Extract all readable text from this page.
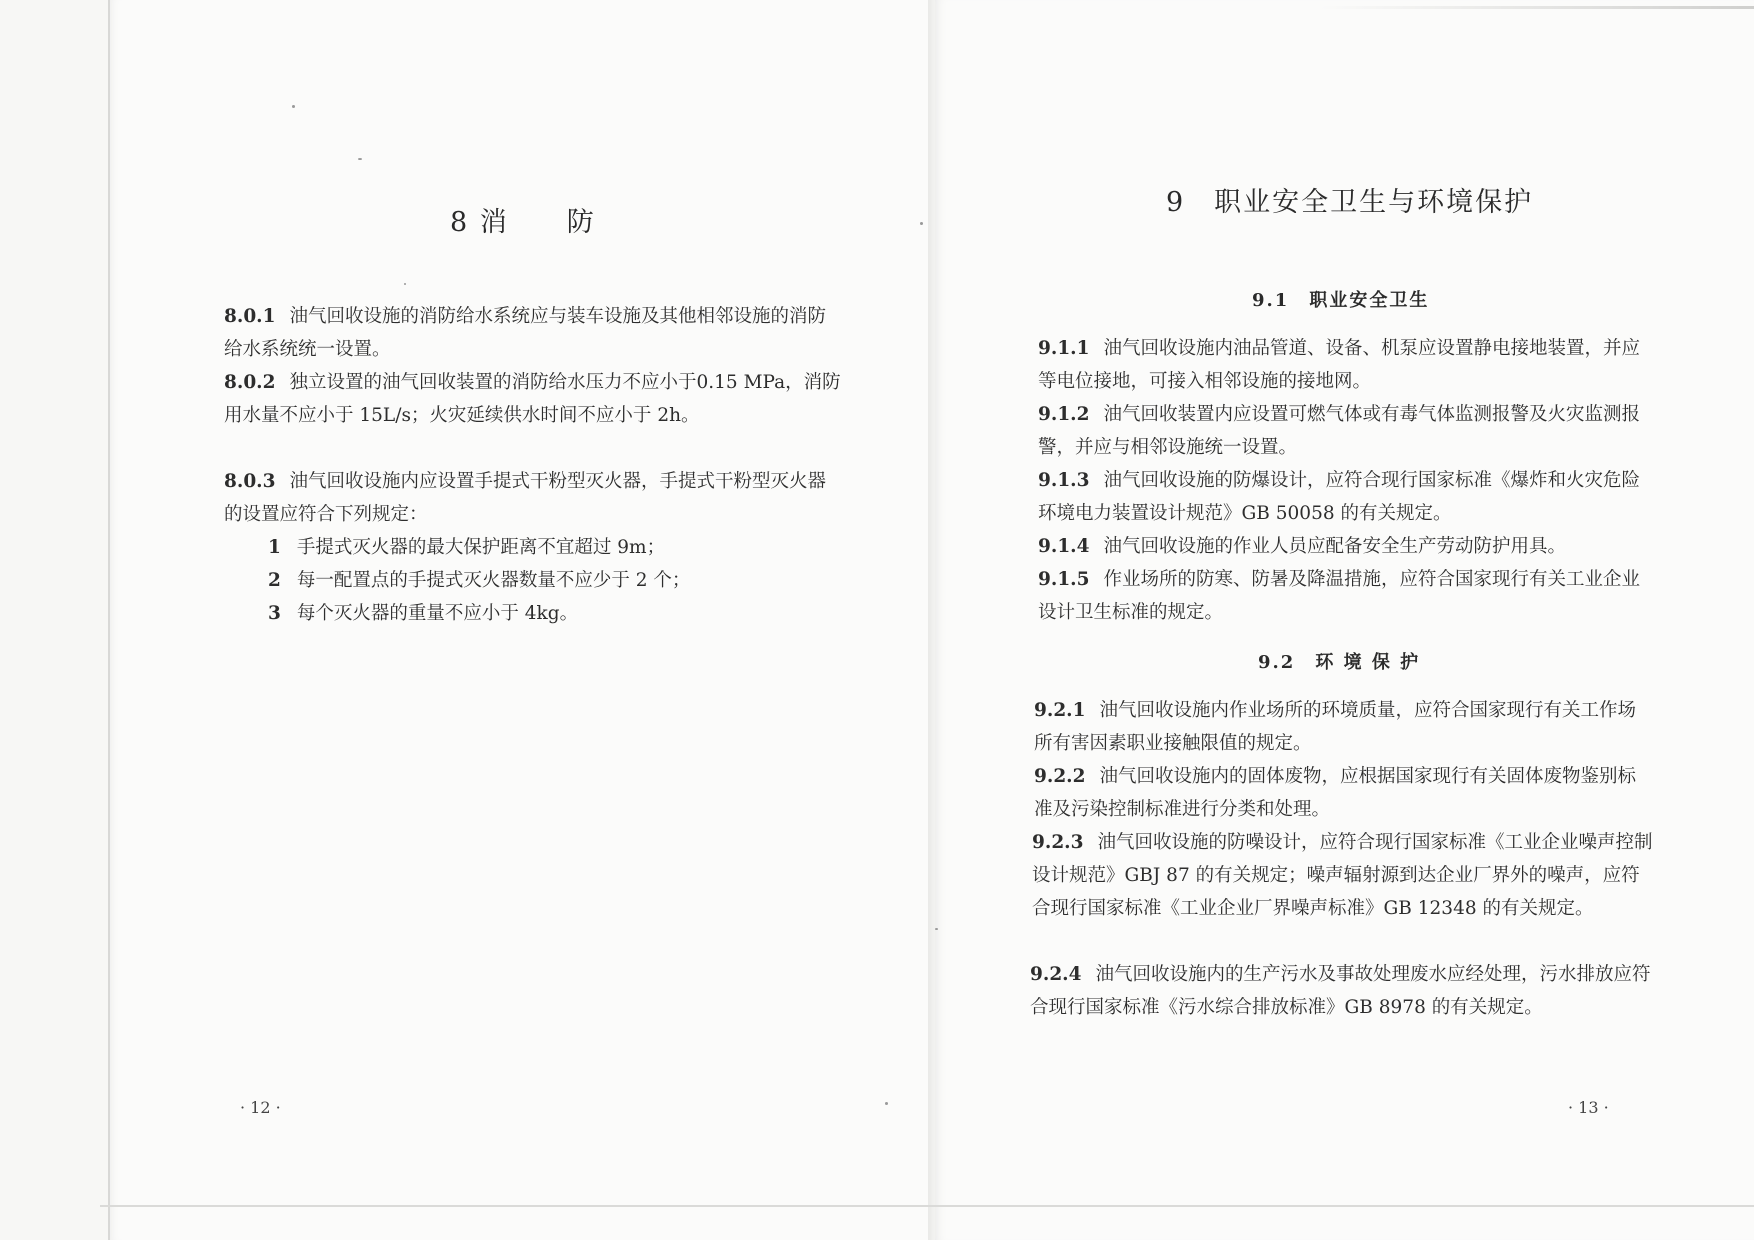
8 消　　防
8.0.1 油气回收设施的消防给水系统应与装车设施及其他相邻设施的消防给水系统统一设置。
8.0.2 独立设置的油气回收装置的消防给水压力不应小于0.15 MPa，消防用水量不应小于 15L/s；火灾延续供水时间不应小于 2h。
8.0.3 油气回收设施内应设置手提式干粉型灭火器，手提式干粉型灭火器的设置应符合下列规定：
1 手提式灭火器的最大保护距离不宜超过 9m；
2 每一配置点的手提式灭火器数量不应少于 2 个；
3 每个灭火器的重量不应小于 4kg。
· 12 ·
9　职业安全卫生与环境保护
9.1　职业安全卫生
9.1.1 油气回收设施内油品管道、设备、机泵应设置静电接地装置，并应等电位接地，可接入相邻设施的接地网。
9.1.2 油气回收装置内应设置可燃气体或有毒气体监测报警及火灾监测报警，并应与相邻设施统一设置。
9.1.3 油气回收设施的防爆设计，应符合现行国家标准《爆炸和火灾危险环境电力装置设计规范》GB 50058 的有关规定。
9.1.4 油气回收设施的作业人员应配备安全生产劳动防护用具。
9.1.5 作业场所的防寒、防暑及降温措施，应符合国家现行有关工业企业设计卫生标准的规定。
9.2　环 境 保 护
9.2.1 油气回收设施内作业场所的环境质量，应符合国家现行有关工作场所有害因素职业接触限值的规定。
9.2.2 油气回收设施内的固体废物，应根据国家现行有关固体废物鉴别标准及污染控制标准进行分类和处理。
9.2.3 油气回收设施的防噪设计，应符合现行国家标准《工业企业噪声控制设计规范》GBJ 87 的有关规定；噪声辐射源到达企业厂界外的噪声，应符合现行国家标准《工业企业厂界噪声标准》GB 12348 的有关规定。
9.2.4 油气回收设施内的生产污水及事故处理废水应经处理，污水排放应符合现行国家标准《污水综合排放标准》GB 8978 的有关规定。
· 13 ·
